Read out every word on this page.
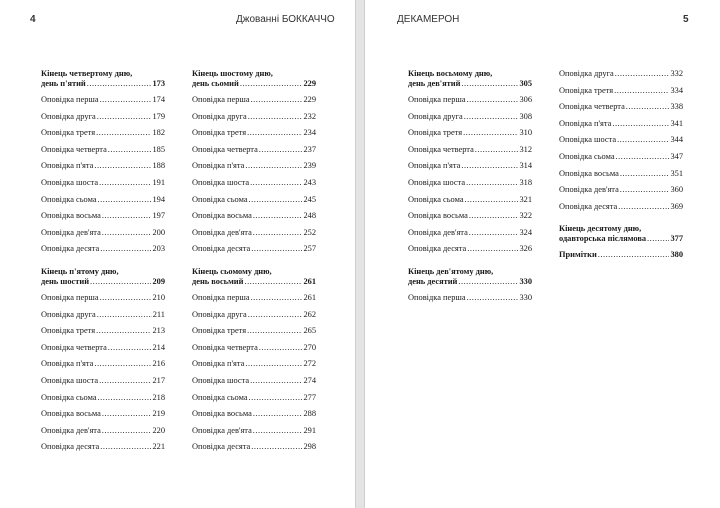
4	Джованні БОККАЧЧО
Кінець четвертому дню,
день п'ятий .....	173
Оповідка перша .....	174
Оповідка друга .....	179
Оповідка третя .....	182
Оповідка четверта .....	185
Оповідка п'ята .....	188
Оповідка шоста .....	191
Оповідка сьома .....	194
Оповідка восьма .....	197
Оповідка дев'ята .....	200
Оповідка десята .....	203
Кінець п'ятому дню,
день шостий .....	209
Оповідка перша .....	210
Оповідка друга .....	211
Оповідка третя .....	213
Оповідка четверта .....	214
Оповідка п'ята .....	216
Оповідка шоста .....	217
Оповідка сьома .....	218
Оповідка восьма .....	219
Оповідка дев'ята .....	220
Оповідка десята .....	221
Кінець шостому дню,
день сьомий .....	229
Оповідка перша .....	229
Оповідка друга .....	232
Оповідка третя .....	234
Оповідка четверта .....	237
Оповідка п'ята .....	239
Оповідка шоста .....	243
Оповідка сьома .....	245
Оповідка восьма .....	248
Оповідка дев'ята .....	252
Оповідка десята .....	257
Кінець сьомому дню,
день восьмий .....	261
Оповідка перша .....	261
Оповідка друга .....	262
Оповідка третя .....	265
Оповідка четверта .....	270
Оповідка п'ята .....	272
Оповідка шоста .....	274
Оповідка сьома .....	277
Оповідка восьма .....	288
Оповідка дев'ята .....	291
Оповідка десята .....	298
ДЕКАМЕРОН	5
Кінець восьмому дню,
день дев'ятий .....	305
Оповідка перша .....	306
Оповідка друга .....	308
Оповідка третя .....	310
Оповідка четверта .....	312
Оповідка п'ята .....	314
Оповідка шоста .....	318
Оповідка сьома .....	321
Оповідка восьма .....	322
Оповідка дев'ята .....	324
Оповідка десята .....	326
Кінець дев'ятому дню,
день десятий .....	330
Оповідка перша .....	330
Оповідка друга .....	332
Оповідка третя .....	334
Оповідка четверта .....	338
Оповідка п'ята .....	341
Оповідка шоста .....	344
Оповідка сьома .....	347
Оповідка восьма .....	351
Оповідка дев'ята .....	360
Оповідка десята .....	369
Кінець десятому дню,
одавторська післямова .....	377
Примітки .....	380
